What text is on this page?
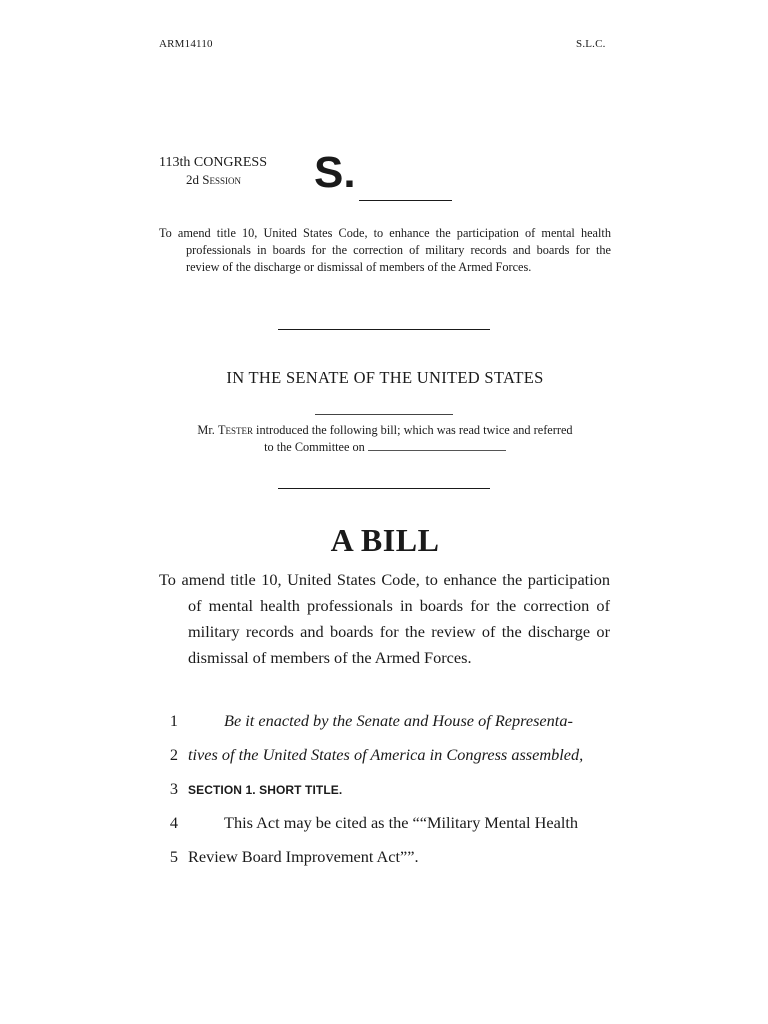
ARM14110	S.L.C.
113th CONGRESS
2d Session S.
To amend title 10, United States Code, to enhance the participation of mental health professionals in boards for the correction of military records and boards for the review of the discharge or dismissal of members of the Armed Forces.
IN THE SENATE OF THE UNITED STATES
Mr. Tester introduced the following bill; which was read twice and referred
to the Committee on
A BILL
To amend title 10, United States Code, to enhance the participation of mental health professionals in boards for the correction of military records and boards for the review of the discharge or dismissal of members of the Armed Forces.
1	Be it enacted by the Senate and House of Representa-
2 tives of the United States of America in Congress assembled,
3 SECTION 1. SHORT TITLE.
4	This Act may be cited as the ““Military Mental Health
5 Review Board Improvement Act””.
